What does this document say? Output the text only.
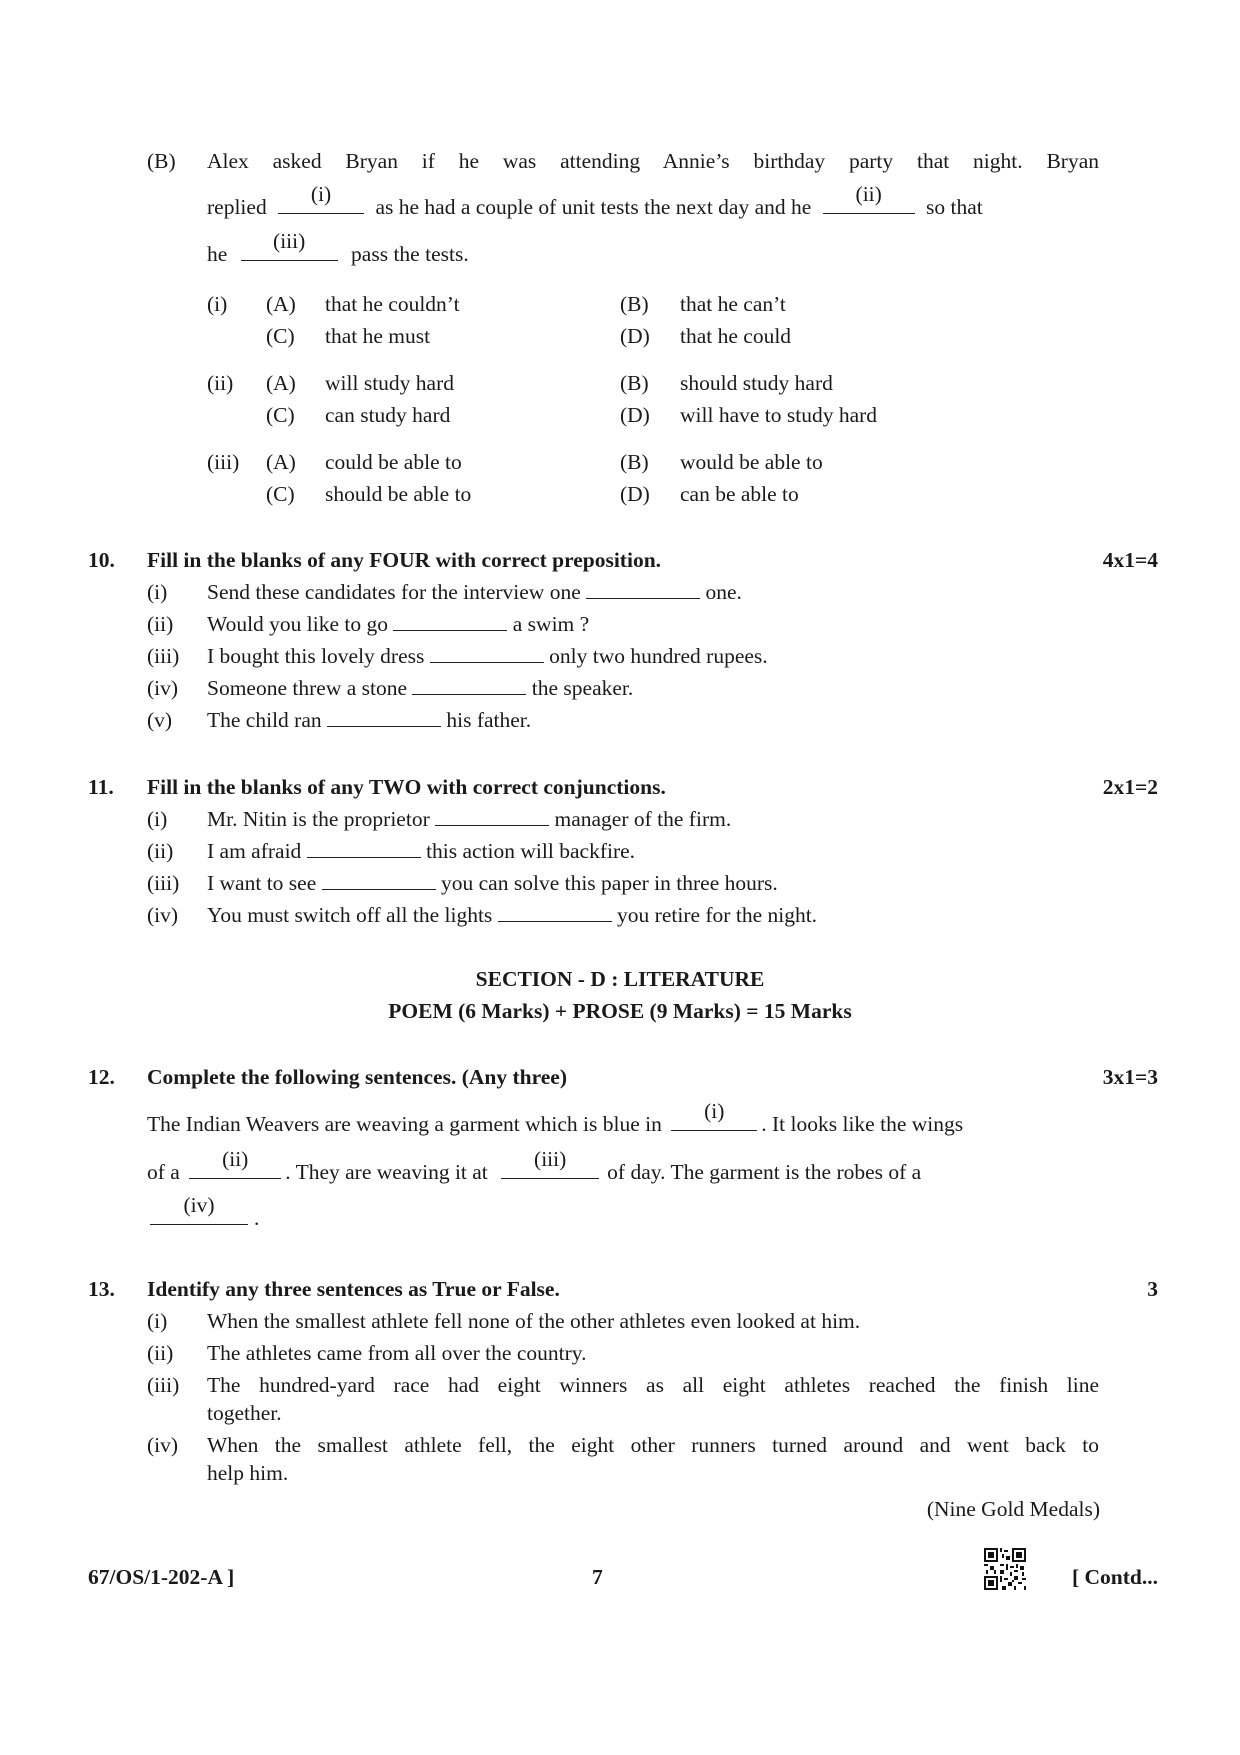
(B) Alex asked Bryan if he was attending Annie’s birthday party that night. Bryan
replied
(i)
as he had a couple of unit tests the next day and he
(ii)
so that
he
(iii)
pass the tests.
(i) (A) that he couldn’t	(B) that he can’t
(C) that he must	(D) that he could
(ii) (A) will study hard	(B) should study hard
(C) can study hard	(D) will have to study hard
(iii) (A) could be able to	(B) would be able to
(C) should be able to	(D) can be able to
10. Fill in the blanks of any FOUR with correct preposition.	4x1=4
(i) Send these candidates for the interview one	one.
(ii) Would you like to go	a swim ?
(iii) I bought this lovely dress	only two hundred rupees.
(iv) Someone threw a stone	the speaker.
(v) The child ran	his father.
11. Fill in the blanks of any TWO with correct conjunctions.	2x1=2
(i) Mr. Nitin is the proprietor	manager of the firm.
(ii) I am afraid	this action will backfire.
(iii) I want to see	you can solve this paper in three hours.
(iv) You must switch off all the lights	you retire for the night.
SECTION - D : LITERATURE
POEM (6 Marks) + PROSE (9 Marks) = 15 Marks
12. Complete the following sentences. (Any three)	3x1=3
The Indian Weavers are weaving a garment which is blue in
(i)
. It looks like the wings
of a
(ii)
. They are weaving it at
(iii)
of day. The garment is the robes of a
(iv)
.
13. Identify any three sentences as True or False.	3
(i) When the smallest athlete fell none of the other athletes even looked at him.
(ii) The athletes came from all over the country.
(iii) The hundred-yard race had eight winners as all eight athletes reached the finish line
together.
(iv) When the smallest athlete fell, the eight other runners turned around and went back to
help him.
(Nine Gold Medals)
67/OS/1-202-A ]	7	[ Contd...
